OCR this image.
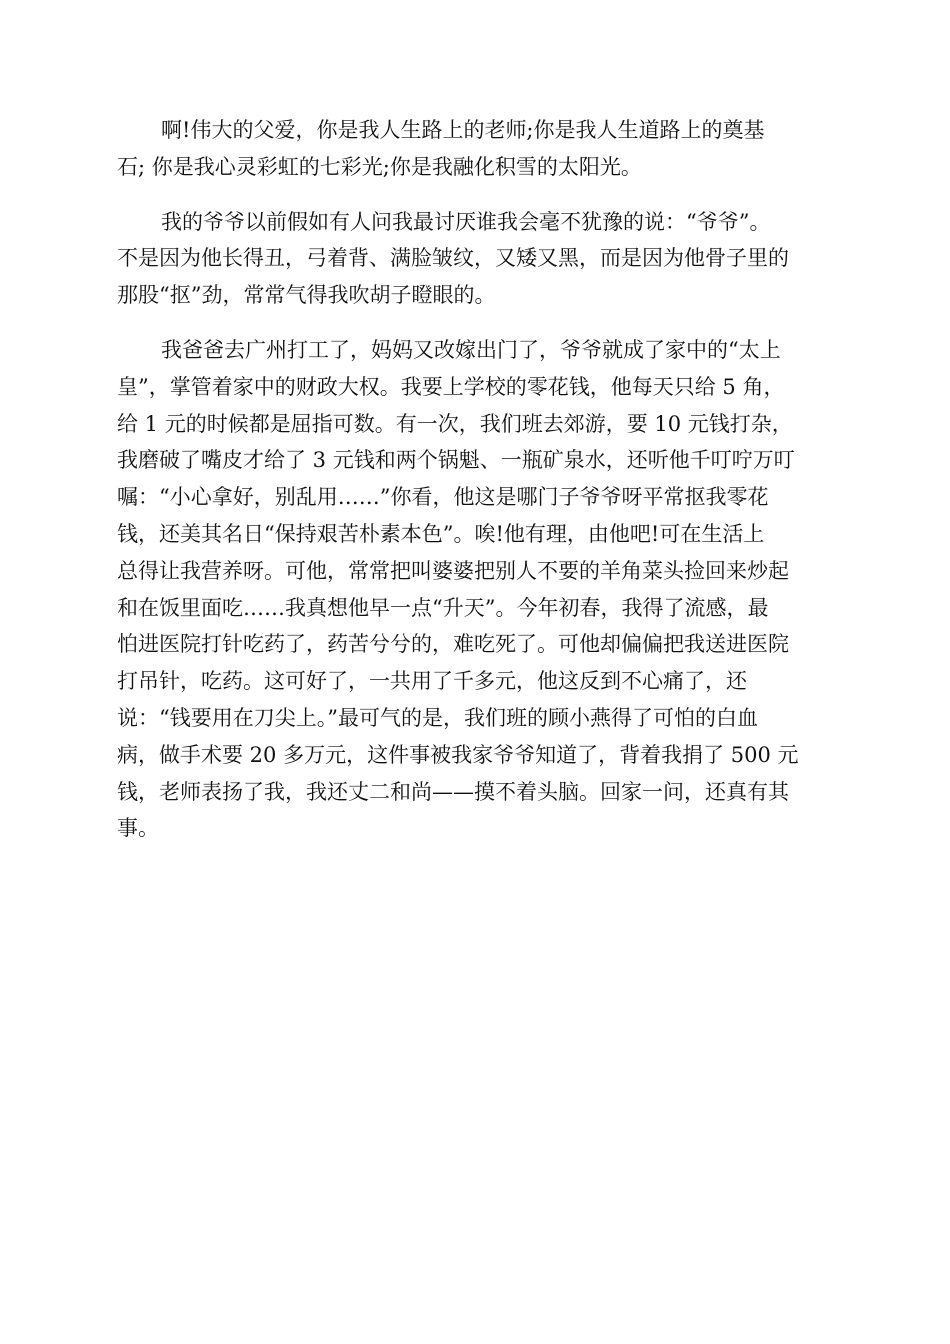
啊!伟大的父爱，你是我人生路上的老师;你是我人生道路上的奠基
石; 你是我心灵彩虹的七彩光;你是我融化积雪的太阳光。
我的爷爷以前假如有人问我最讨厌谁我会毫不犹豫的说：“爷爷”。
不是因为他长得丑，弓着背、满脸皱纹，又矮又黑，而是因为他骨子里的
那股“抠”劲，常常气得我吹胡子瞪眼的。
我爸爸去广州打工了，妈妈又改嫁出门了，爷爷就成了家中的“太上
皇”，掌管着家中的财政大权。我要上学校的零花钱，他每天只给 5 角，
给 1 元的时候都是屈指可数。有一次，我们班去郊游，要 10 元钱打杂，
我磨破了嘴皮才给了 3 元钱和两个锅魁、一瓶矿泉水，还听他千叮咛万叮
嘱：“小心拿好，别乱用……”你看，他这是哪门子爷爷呀平常抠我零花
钱，还美其名日“保持艰苦朴素本色”。唉!他有理，由他吧!可在生活上
总得让我营养呀。可他，常常把叫婆婆把别人不要的羊角菜头捡回来炒起
和在饭里面吃……我真想他早一点“升天”。今年初春，我得了流感，最
怕进医院打针吃药了，药苦兮兮的，难吃死了。可他却偏偏把我送进医院
打吊针，吃药。这可好了，一共用了千多元，他这反到不心痛了，还
说：“钱要用在刀尖上。”最可气的是，我们班的顾小燕得了可怕的白血
病，做手术要 20 多万元，这件事被我家爷爷知道了，背着我捐了 500 元
钱，老师表扬了我，我还丈二和尚——摸不着头脑。回家一问，还真有其
事。
